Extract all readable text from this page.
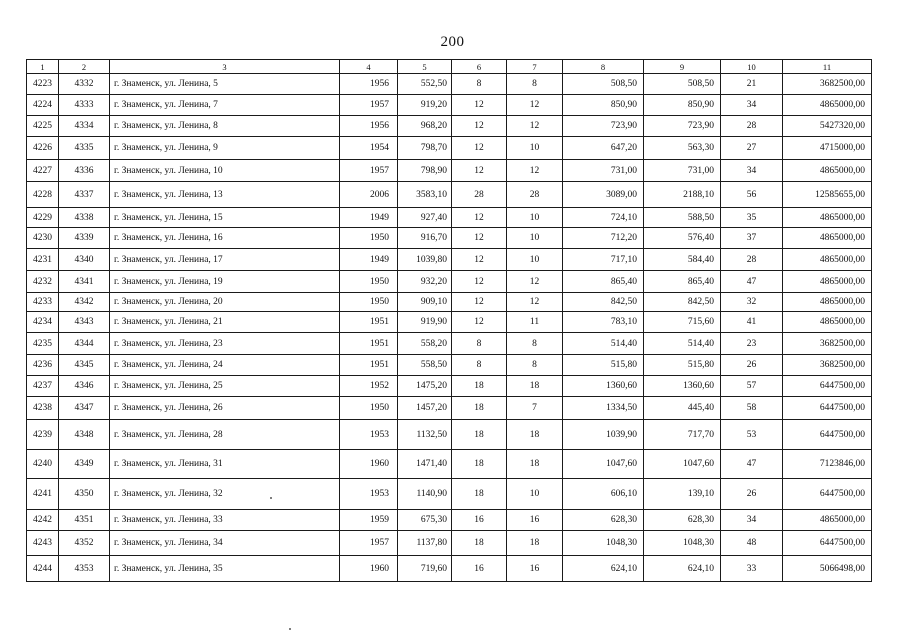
200
1	2	3	4	5	6	7	8	9	10	11
4223	4332	г. Знаменск, ул. Ленина, 5	1956	552,50	8	8	508,50	508,50	21	3682500,00
4224	4333	г. Знаменск, ул. Ленина, 7	1957	919,20	12	12	850,90	850,90	34	4865000,00
4225	4334	г. Знаменск, ул. Ленина, 8	1956	968,20	12	12	723,90	723,90	28	5427320,00
4226	4335	г. Знаменск, ул. Ленина, 9	1954	798,70	12	10	647,20	563,30	27	4715000,00
4227	4336	г. Знаменск, ул. Ленина, 10	1957	798,90	12	12	731,00	731,00	34	4865000,00
4228	4337	г. Знаменск, ул. Ленина, 13	2006	3583,10	28	28	3089,00	2188,10	56	12585655,00
4229	4338	г. Знаменск, ул. Ленина, 15	1949	927,40	12	10	724,10	588,50	35	4865000,00
4230	4339	г. Знаменск, ул. Ленина, 16	1950	916,70	12	10	712,20	576,40	37	4865000,00
4231	4340	г. Знаменск, ул. Ленина, 17	1949	1039,80	12	10	717,10	584,40	28	4865000,00
4232	4341	г. Знаменск, ул. Ленина, 19	1950	932,20	12	12	865,40	865,40	47	4865000,00
4233	4342	г. Знаменск, ул. Ленина, 20	1950	909,10	12	12	842,50	842,50	32	4865000,00
4234	4343	г. Знаменск, ул. Ленина, 21	1951	919,90	12	11	783,10	715,60	41	4865000,00
4235	4344	г. Знаменск, ул. Ленина, 23	1951	558,20	8	8	514,40	514,40	23	3682500,00
4236	4345	г. Знаменск, ул. Ленина, 24	1951	558,50	8	8	515,80	515,80	26	3682500,00
4237	4346	г. Знаменск, ул. Ленина, 25	1952	1475,20	18	18	1360,60	1360,60	57	6447500,00
4238	4347	г. Знаменск, ул. Ленина, 26	1950	1457,20	18	7	1334,50	445,40	58	6447500,00
4239	4348	г. Знаменск, ул. Ленина, 28	1953	1132,50	18	18	1039,90	717,70	53	6447500,00
4240	4349	г. Знаменск, ул. Ленина, 31	1960	1471,40	18	18	1047,60	1047,60	47	7123846,00
4241	4350	г. Знаменск, ул. Ленина, 32	1953	1140,90	18	10	606,10	139,10	26	6447500,00
4242	4351	г. Знаменск, ул. Ленина, 33	1959	675,30	16	16	628,30	628,30	34	4865000,00
4243	4352	г. Знаменск, ул. Ленина, 34	1957	1137,80	18	18	1048,30	1048,30	48	6447500,00
4244	4353	г. Знаменск, ул. Ленина, 35	1960	719,60	16	16	624,10	624,10	33	5066498,00
